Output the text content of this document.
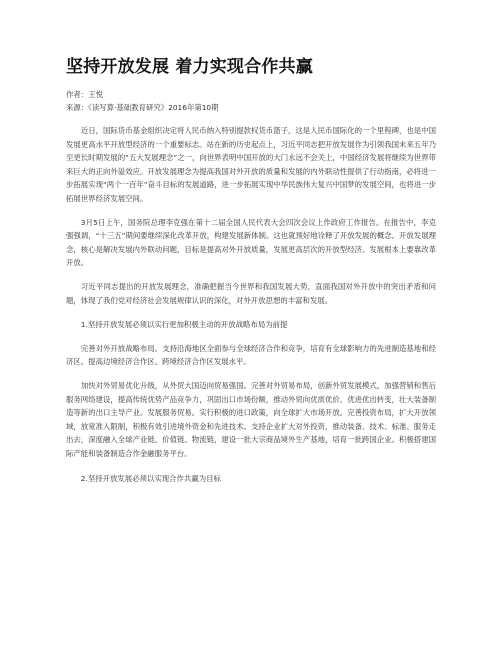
坚持开放发展 着力实现合作共赢

作者：王悦

来源：《读写算·基础教育研究》2016年第10期

近日，国际货币基金组织决定将人民币纳入特别提款权货币篮子，这是人民币国际化的一个里程碑，也是中国发展更高水平开放型经济的一个重要标志。站在新的历史起点上，习近平同志把开放发展作为引领我国未来五年乃至更长时期发展的“五大发展理念”之一，向世界表明中国开放的大门永远不会关上，中国经济发展将继续为世界带来巨大的正向外溢效应。开放发展理念为提高我国对外开放的质量和发展的内外联动性提供了行动指南，必将进一步拓展实现“两个一百年”奋斗目标的发展道路，进一步拓展实现中华民族伟大复兴中国梦的发展空间，也将进一步拓展世界经济发展空间。

3月5日上午，国务院总理李克强在第十二届全国人民代表大会四次会议上作政府工作报告。在报告中，李克强强调，“十三五”期间要继续深化改革开放，构建发展新体制。这也就预好地诠释了开放发展的概念。开放发展理念，核心是解决发展内外联动问题，目标是提高对外开放质量，发展更高层次的开放型经济。发展根本上要靠改革开放。

习近平同志提出的开放发展理念，准确把握当今世界和我国发展大势，直面我国对外开放中的突出矛盾和问题，体现了我们党对经济社会发展规律认识的深化，对外开放思想的丰富和发展。

1.坚持开放发展必须以实行更加积极主动的开放战略布局为前提

完善对外开放战略布局。支持沿海地区全面参与全球经济合作和竞争，培育有全球影响力的先进制造基地和经济区。提高边境经济合作区、跨境经济合作区发展水平。

加快对外贸易优化升级，从外贸大国迈向贸易强国。完善对外贸易布局，创新外贸发展模式，加强营销和售后服务网络建设，提高传统优势产品竞争力，巩固出口市场份额，推动外贸向优质优价、优进优出转变，壮大装备制造等新的出口主导产业。发展服务贸易。实行积极的进口政策，向全球扩大市场开放。完善投资布局，扩大开放领域，放宽准入限制，积极有效引进境外资金和先进技术。支持企业扩大对外投资，推动装备、技术、标准、服务走出去，深度融入全球产业链、价值链、物流链，建设一批大宗商品境外生产基地，培育一批跨国企业。积极搭建国际产能和装备制造合作金融服务平台。

2.坚持开放发展必须以实现合作共赢为目标
